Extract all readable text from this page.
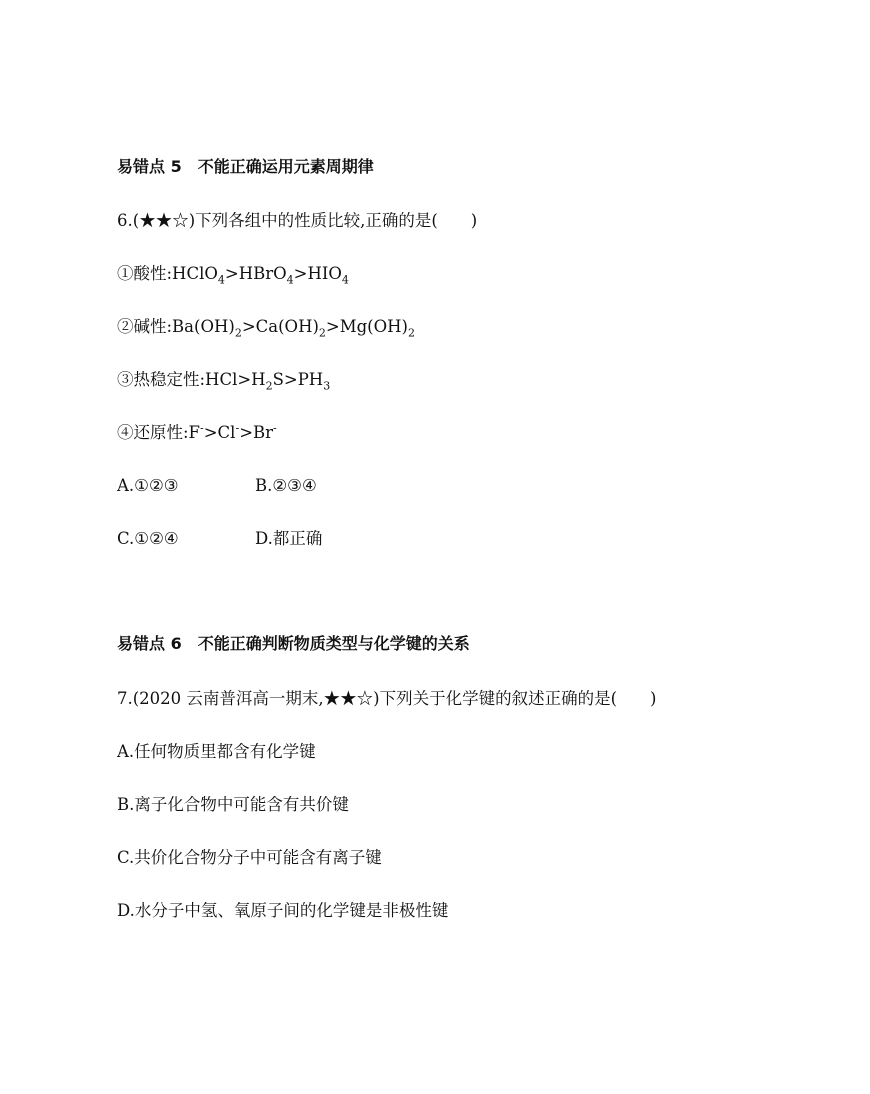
易错点 5　不能正确运用元素周期律
6.(★★☆)下列各组中的性质比较,正确的是(　　)
①酸性$:HClO_4>HBrO_4>HIO_4$
②碱性$:Ba(OH)_2>Ca(OH)_2>Mg(OH)_2$
③热稳定性$:HCl>H_2S>PH_3$
④还原性:F->Cl->Br-
A.①②③	B.②③④
C.①②④	D.都正确
易错点 6　不能正确判断物质类型与化学键的关系
7.(2020 云南普洱高一期末,★★☆)下列关于化学键的叙述正确的是(　　)
A.任何物质里都含有化学键
B.离子化合物中可能含有共价键
C.共价化合物分子中可能含有离子键
D.水分子中氢、氧原子间的化学键是非极性键
